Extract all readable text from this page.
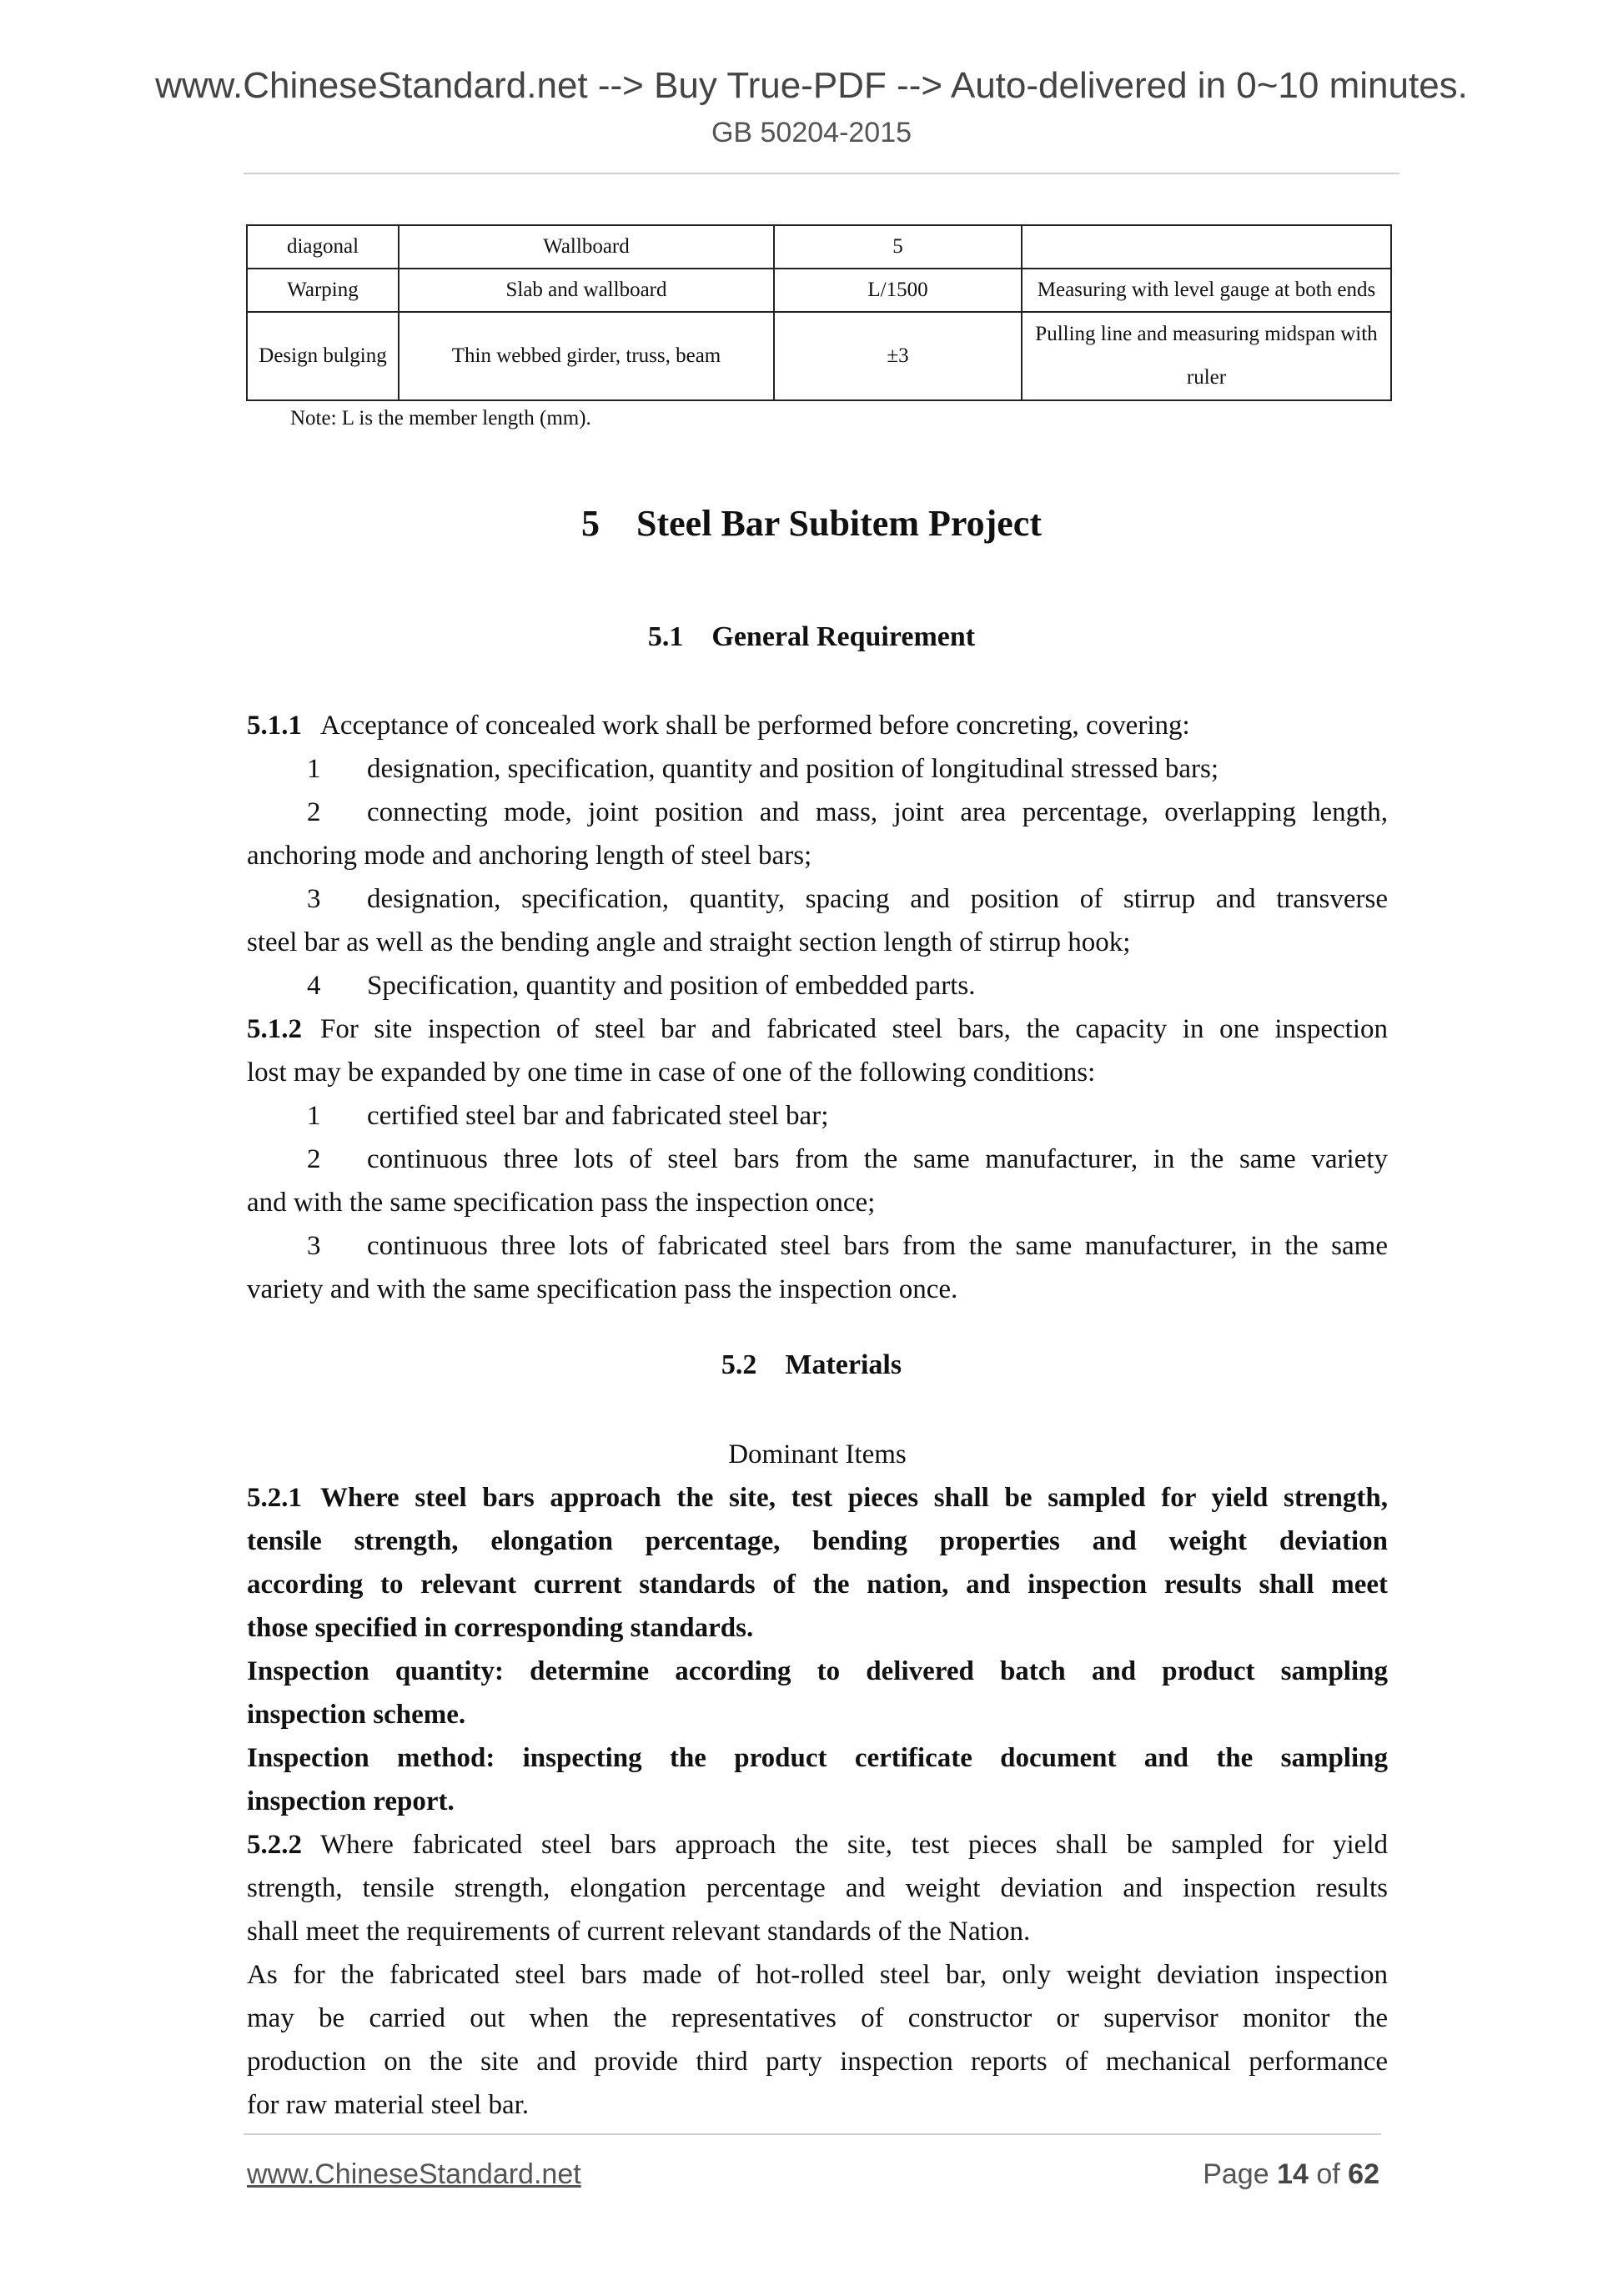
www.ChineseStandard.net --> Buy True-PDF --> Auto-delivered in 0~10 minutes.
GB 50204-2015
diagonal	Wallboard	5	
Warping	Slab and wallboard	L/1500	Measuring with level gauge at both ends
Design bulging	Thin webbed girder, truss, beam	±3	Pulling line and measuring midspan with ruler
Note: L is the member length (mm).
5 Steel Bar Subitem Project
5.1 General Requirement
5.1.1 Acceptance of concealed work shall be performed before concreting, covering:
1 designation, specification, quantity and position of longitudinal stressed bars;
2 connecting mode, joint position and mass, joint area percentage, overlapping length,
anchoring mode and anchoring length of steel bars;
3 designation, specification, quantity, spacing and position of stirrup and transverse
steel bar as well as the bending angle and straight section length of stirrup hook;
4 Specification, quantity and position of embedded parts.
5.1.2 For site inspection of steel bar and fabricated steel bars, the capacity in one inspection
lost may be expanded by one time in case of one of the following conditions:
1 certified steel bar and fabricated steel bar;
2 continuous three lots of steel bars from the same manufacturer, in the same variety
and with the same specification pass the inspection once;
3 continuous three lots of fabricated steel bars from the same manufacturer, in the same
variety and with the same specification pass the inspection once.
5.2 Materials
Dominant Items
5.2.1 Where steel bars approach the site, test pieces shall be sampled for yield strength,
tensile strength, elongation percentage, bending properties and weight deviation
according to relevant current standards of the nation, and inspection results shall meet
those specified in corresponding standards.
Inspection quantity: determine according to delivered batch and product sampling
inspection scheme.
Inspection method: inspecting the product certificate document and the sampling
inspection report.
5.2.2 Where fabricated steel bars approach the site, test pieces shall be sampled for yield
strength, tensile strength, elongation percentage and weight deviation and inspection results
shall meet the requirements of current relevant standards of the Nation.
As for the fabricated steel bars made of hot-rolled steel bar, only weight deviation inspection
may be carried out when the representatives of constructor or supervisor monitor the
production on the site and provide third party inspection reports of mechanical performance
for raw material steel bar.
www.ChineseStandard.net	Page 14 of 62
